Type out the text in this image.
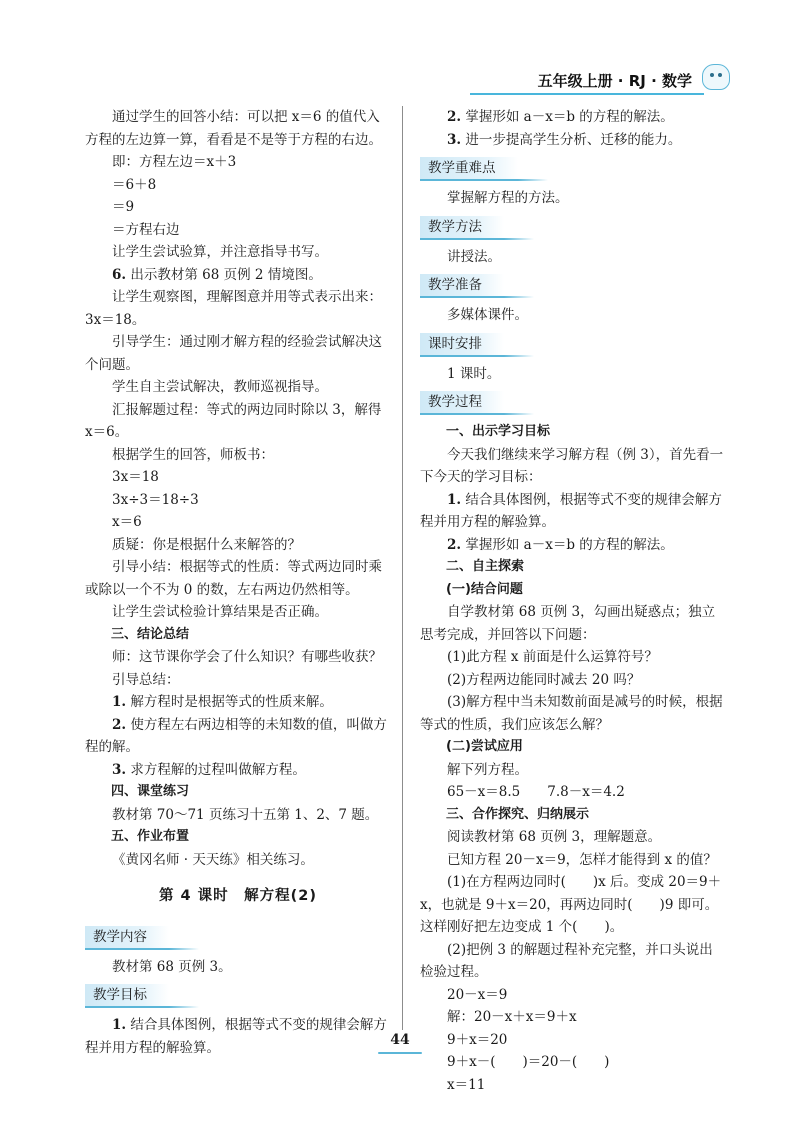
五年级上册 · RJ · 数学

通过学生的回答小结：可以把 x＝6 的值代入方程的左边算一算，看看是不是等于方程的右边。

即：方程左边＝x＋3

＝6＋8

＝9

＝方程右边

让学生尝试验算，并注意指导书写。

6. 出示教材第 68 页例 2 情境图。

让学生观察图，理解图意并用等式表示出来：3x＝18。

引导学生：通过刚才解方程的经验尝试解决这个问题。

学生自主尝试解决，教师巡视指导。

汇报解题过程：等式的两边同时除以 3，解得 x＝6。

根据学生的回答，师板书：

3x＝18

3x÷3＝18÷3

x＝6

质疑：你是根据什么来解答的？

引导小结：根据等式的性质：等式两边同时乘或除以一个不为 0 的数，左右两边仍然相等。

让学生尝试检验计算结果是否正确。

三、结论总结

师：这节课你学会了什么知识？有哪些收获？

引导总结：

1. 解方程时是根据等式的性质来解。

2. 使方程左右两边相等的未知数的值，叫做方程的解。

3. 求方程解的过程叫做解方程。

四、课堂练习

教材第 70～71 页练习十五第 1、2、7 题。

五、作业布置

《黄冈名师 · 天天练》相关练习。

第 4 课时　解方程(2)

教学内容

教材第 68 页例 3。

教学目标

1. 结合具体图例，根据等式不变的规律会解方程并用方程的解验算。

2. 掌握形如 a－x＝b 的方程的解法。

3. 进一步提高学生分析、迁移的能力。

教学重难点

掌握解方程的方法。

教学方法

讲授法。

教学准备

多媒体课件。

课时安排

1 课时。

教学过程

一、出示学习目标

今天我们继续来学习解方程（例 3），首先看一下今天的学习目标：

1. 结合具体图例，根据等式不变的规律会解方程并用方程的解验算。

2. 掌握形如 a－x＝b 的方程的解法。

二、自主探索

(一)结合问题

自学教材第 68 页例 3，勾画出疑惑点；独立思考完成，并回答以下问题：

(1)此方程 x 前面是什么运算符号？

(2)方程两边能同时减去 20 吗？

(3)解方程中当未知数前面是减号的时候，根据等式的性质，我们应该怎么解？

(二)尝试应用

解下列方程。

65－x＝8.5　　7.8－x＝4.2

三、合作探究、归纳展示

阅读教材第 68 页例 3，理解题意。

已知方程 20－x＝9，怎样才能得到 x 的值？

(1)在方程两边同时(　　)x 后。变成 20＝9＋x，也就是 9＋x＝20，再两边同时(　　)9 即可。这样刚好把左边变成 1 个(　　)。

(2)把例 3 的解题过程补充完整，并口头说出检验过程。

20－x＝9

解：20－x＋x＝9＋x

9＋x＝20

9＋x－(　　)＝20－(　　)

x＝11

44
